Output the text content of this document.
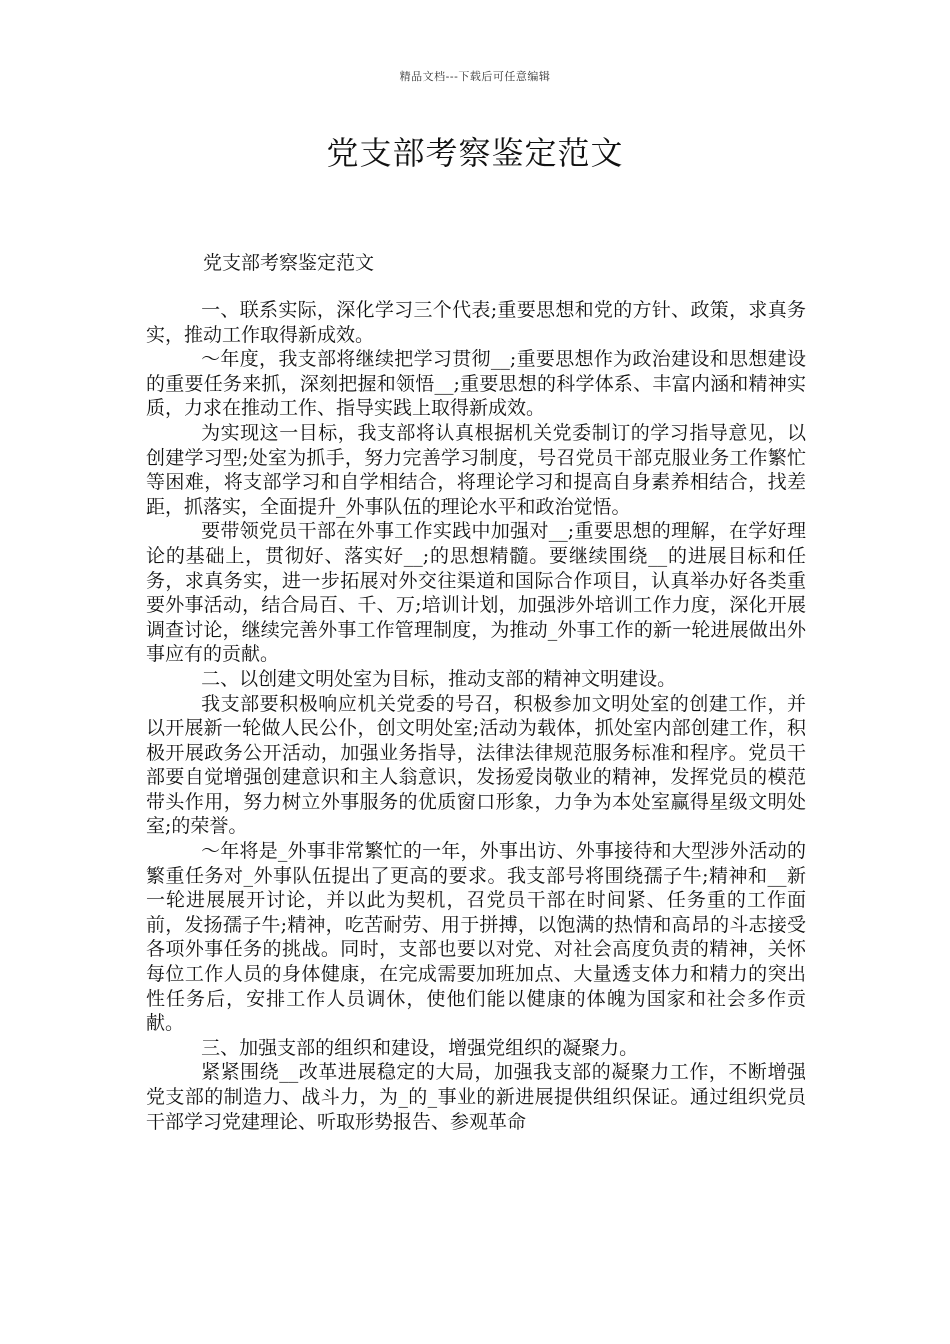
精品文档---下载后可任意编辑
党支部考察鉴定范文
党支部考察鉴定范文

一、联系实际，深化学习三个代表;重要思想和党的方针、政策，求真务实，推动工作取得新成效。

～年度，我支部将继续把学习贯彻__;重要思想作为政治建设和思想建设的重要任务来抓，深刻把握和领悟__;重要思想的科学体系、丰富内涵和精神实质，力求在推动工作、指导实践上取得新成效。

为实现这一目标，我支部将认真根据机关党委制订的学习指导意见，以创建学习型;处室为抓手，努力完善学习制度，号召党员干部克服业务工作繁忙等困难，将支部学习和自学相结合，将理论学习和提高自身素养相结合，找差距，抓落实，全面提升_外事队伍的理论水平和政治觉悟。

要带领党员干部在外事工作实践中加强对__;重要思想的理解，在学好理论的基础上，贯彻好、落实好__;的思想精髓。要继续围绕__的进展目标和任务，求真务实，进一步拓展对外交往渠道和国际合作项目，认真举办好各类重要外事活动，结合局百、千、万;培训计划，加强涉外培训工作力度，深化开展调查讨论，继续完善外事工作管理制度，为推动_外事工作的新一轮进展做出外事应有的贡献。

二、以创建文明处室为目标，推动支部的精神文明建设。

我支部要积极响应机关党委的号召，积极参加文明处室的创建工作，并以开展新一轮做人民公仆，创文明处室;活动为载体，抓处室内部创建工作，积极开展政务公开活动，加强业务指导，法律法律规范服务标准和程序。党员干部要自觉增强创建意识和主人翁意识，发扬爱岗敬业的精神，发挥党员的模范带头作用，努力树立外事服务的优质窗口形象，力争为本处室赢得星级文明处室;的荣誉。

～年将是_外事非常繁忙的一年，外事出访、外事接待和大型涉外活动的繁重任务对_外事队伍提出了更高的要求。我支部号将围绕孺子牛;精神和__新一轮进展展开讨论，并以此为契机，召党员干部在时间紧、任务重的工作面前，发扬孺子牛;精神，吃苦耐劳、用于拼搏，以饱满的热情和高昂的斗志接受各项外事任务的挑战。同时，支部也要以对党、对社会高度负责的精神，关怀每位工作人员的身体健康，在完成需要加班加点、大量透支体力和精力的突出性任务后，安排工作人员调休，使他们能以健康的体魄为国家和社会多作贡献。

三、加强支部的组织和建设，增强党组织的凝聚力。

紧紧围绕__改革进展稳定的大局，加强我支部的凝聚力工作，不断增强党支部的制造力、战斗力，为_的_事业的新进展提供组织保证。通过组织党员干部学习党建理论、听取形势报告、参观革命
